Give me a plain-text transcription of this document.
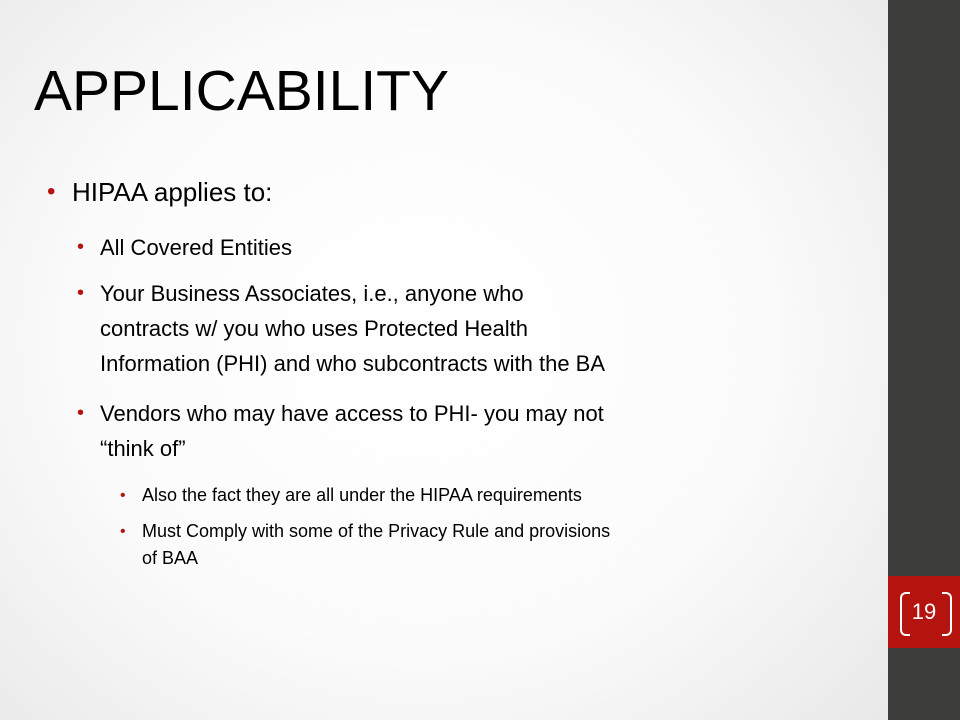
19
APPLICABILITY
• HIPAA applies to:
• All Covered Entities
• Your Business Associates, i.e., anyone who
contracts w/ you who uses Protected Health
Information (PHI) and who subcontracts with the BA
• Vendors who may have access to PHI- you may not
“think of”
• Also the fact they are all under the HIPAA requirements
• Must Comply with some of the Privacy Rule and provisions
of BAA
